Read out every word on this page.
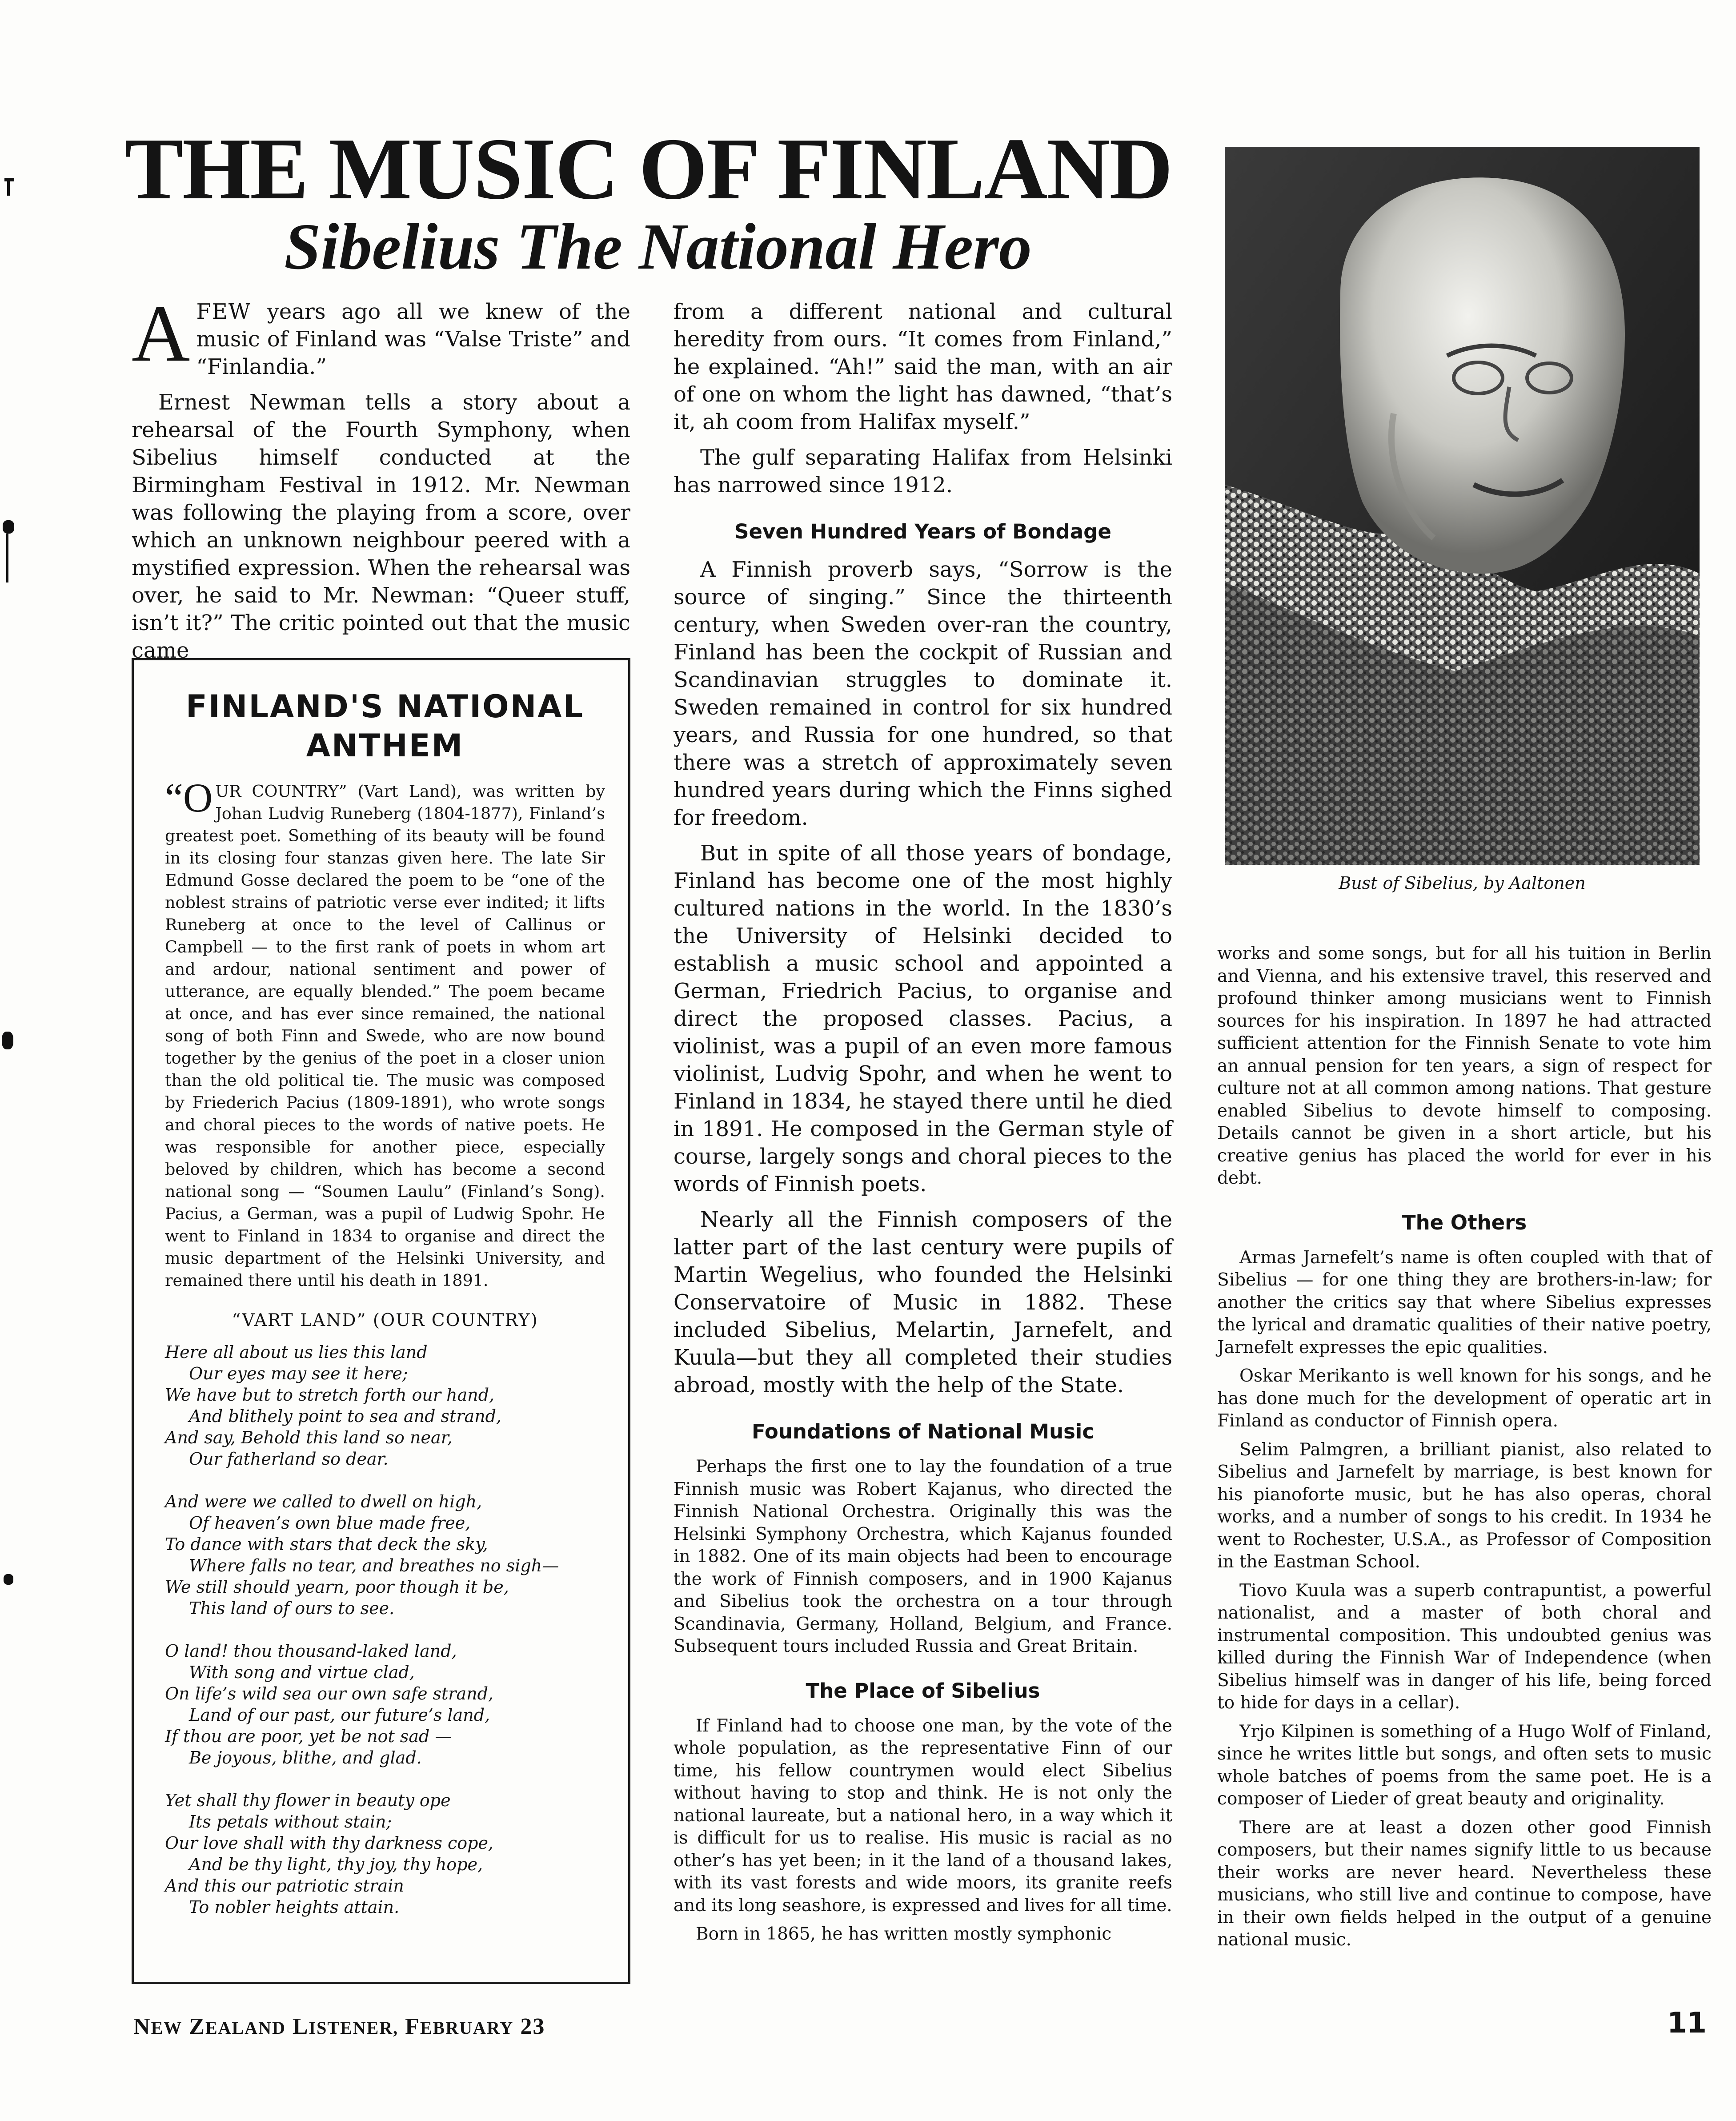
THE MUSIC OF FINLAND
Sibelius The National Hero

AFEW years ago all we knew of the music of Finland was “Valse Triste” and “Finlandia.”

Ernest Newman tells a story about a rehearsal of the Fourth Symphony, when Sibelius himself conducted at the Birmingham Festival in 1912. Mr. Newman was following the playing from a score, over which an unknown neighbour peered with a mystified expression. When the rehearsal was over, he said to Mr. Newman: “Queer stuff, isn’t it?” The critic pointed out that the music came

FINLAND'S NATIONAL ANTHEM

“OUR COUNTRY” (Vart Land), was written by Johan Ludvig Runeberg (1804-1877), Finland’s greatest poet. Something of its beauty will be found in its closing four stanzas given here. The late Sir Edmund Gosse declared the poem to be “one of the noblest strains of patriotic verse ever indited; it lifts Runeberg at once to the level of Callinus or Campbell — to the first rank of poets in whom art and ardour, national sentiment and power of utterance, are equally blended.” The poem became at once, and has ever since remained, the national song of both Finn and Swede, who are now bound together by the genius of the poet in a closer union than the old political tie. The music was composed by Friederich Pacius (1809-1891), who wrote songs and choral pieces to the words of native poets. He was responsible for another piece, especially beloved by children, which has become a second national song — “Soumen Laulu” (Finland’s Song). Pacius, a German, was a pupil of Ludwig Spohr. He went to Finland in 1834 to organise and direct the music department of the Helsinki University, and remained there until his death in 1891.

“VART LAND” (OUR COUNTRY)
Here all about us lies this land
Our eyes may see it here;
We have but to stretch forth our hand,
And blithely point to sea and strand,
And say, Behold this land so near,
Our fatherland so dear.
And were we called to dwell on high,
Of heaven’s own blue made free,
To dance with stars that deck the sky,
Where falls no tear, and breathes no sigh—
We still should yearn, poor though it be,
This land of ours to see.
O land! thou thousand-laked land,
With song and virtue clad,
On life’s wild sea our own safe strand,
Land of our past, our future’s land,
If thou are poor, yet be not sad —
Be joyous, blithe, and glad.
Yet shall thy flower in beauty ope
Its petals without stain;
Our love shall with thy darkness cope,
And be thy light, thy joy, thy hope,
And this our patriotic strain
To nobler heights attain.

from a different national and cultural heredity from ours. “It comes from Finland,” he explained. “Ah!” said the man, with an air of one on whom the light has dawned, “that’s it, ah coom from Halifax myself.”

The gulf separating Halifax from Helsinki has narrowed since 1912.

Seven Hundred Years of Bondage

A Finnish proverb says, “Sorrow is the source of singing.” Since the thirteenth century, when Sweden over-ran the country, Finland has been the cockpit of Russian and Scandinavian struggles to dominate it. Sweden remained in control for six hundred years, and Russia for one hundred, so that there was a stretch of approximately seven hundred years during which the Finns sighed for freedom.

But in spite of all those years of bondage, Finland has become one of the most highly cultured nations in the world. In the 1830’s the University of Helsinki decided to establish a music school and appointed a German, Friedrich Pacius, to organise and direct the proposed classes. Pacius, a violinist, was a pupil of an even more famous violinist, Ludvig Spohr, and when he went to Finland in 1834, he stayed there until he died in 1891. He composed in the German style of course, largely songs and choral pieces to the words of Finnish poets.

Nearly all the Finnish composers of the latter part of the last century were pupils of Martin Wegelius, who founded the Helsinki Conservatoire of Music in 1882. These included Sibelius, Melartin, Jarnefelt, and Kuula—but they all completed their studies abroad, mostly with the help of the State.

Foundations of National Music

Perhaps the first one to lay the foundation of a true Finnish music was Robert Kajanus, who directed the Finnish National Orchestra. Originally this was the Helsinki Symphony Orchestra, which Kajanus founded in 1882. One of its main objects had been to encourage the work of Finnish composers, and in 1900 Kajanus and Sibelius took the orchestra on a tour through Scandinavia, Germany, Holland, Belgium, and France. Subsequent tours included Russia and Great Britain.

The Place of Sibelius

If Finland had to choose one man, by the vote of the whole population, as the representative Finn of our time, his fellow countrymen would elect Sibelius without having to stop and think. He is not only the national laureate, but a national hero, in a way which it is difficult for us to realise. His music is racial as no other’s has yet been; in it the land of a thousand lakes, with its vast forests and wide moors, its granite reefs and its long seashore, is expressed and lives for all time.

Born in 1865, he has written mostly symphonic

Bust of Sibelius, by Aaltonen

works and some songs, but for all his tuition in Berlin and Vienna, and his extensive travel, this reserved and profound thinker among musicians went to Finnish sources for his inspiration. In 1897 he had attracted sufficient attention for the Finnish Senate to vote him an annual pension for ten years, a sign of respect for culture not at all common among nations. That gesture enabled Sibelius to devote himself to composing. Details cannot be given in a short article, but his creative genius has placed the world for ever in his debt.

The Others

Armas Jarnefelt’s name is often coupled with that of Sibelius — for one thing they are brothers-in-law; for another the critics say that where Sibelius expresses the lyrical and dramatic qualities of their native poetry, Jarnefelt expresses the epic qualities.

Oskar Merikanto is well known for his songs, and he has done much for the development of operatic art in Finland as conductor of Finnish opera.

Selim Palmgren, a brilliant pianist, also related to Sibelius and Jarnefelt by marriage, is best known for his pianoforte music, but he has also operas, choral works, and a number of songs to his credit. In 1934 he went to Rochester, U.S.A., as Professor of Composition in the Eastman School.

Tiovo Kuula was a superb contrapuntist, a powerful nationalist, and a master of both choral and instrumental composition. This undoubted genius was killed during the Finnish War of Independence (when Sibelius himself was in danger of his life, being forced to hide for days in a cellar).

Yrjo Kilpinen is something of a Hugo Wolf of Finland, since he writes little but songs, and often sets to music whole batches of poems from the same poet. He is a composer of Lieder of great beauty and originality.

There are at least a dozen other good Finnish composers, but their names signify little to us because their works are never heard. Nevertheless these musicians, who still live and continue to compose, have in their own fields helped in the output of a genuine national music.

NEW ZEALAND LISTENER, FEBRUARY 23	11
